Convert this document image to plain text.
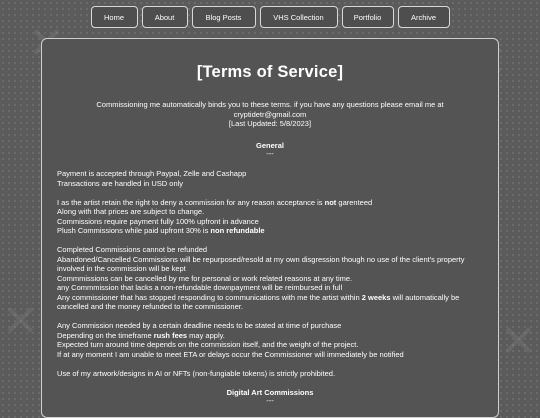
✕	✕
Home	About	Blog Posts	VHS Collection	Portfolio	Archive
[Terms of Service]
Commissioning me automatically binds you to these terms. if you have any questions please email me at
cryptidetr@gmail.com
[Last Updated: 5/8/2023]
General
---
Payment is accepted through Paypal, Zelle and Cashapp
Transactions are handled in USD only
I as the artist retain the right to deny a commission for any reason acceptance is not garenteed
Along with that prices are subject to change.
Commissions require payment fully 100% upfront in advance
Plush Commissions while paid upfront 30% is non refundable
Completed Commissions cannot be refunded
Abandoned/Cancelled Commissions will be repurposed/resold at my own disgression though no use of the client's property involved in the commission will be kept
Commmissions can be cancelled by me for personal or work related reasons at any time.
any Commmission that lacks a non-refundable downpayment will be reimbursed in full
Any commissioner that has stopped responding to communications with me the artist within 2 weeks will automatically be cancelled and the money refunded to the commissioner.
Any Commission needed by a certain deadline needs to be stated at time of purchase
Depending on the timeframe rush fees may apply.
Expected turn around time depends on the commission itself, and the weight of the project.
If at any moment I am unable to meet ETA or delays occur the Commissioner will immediately be notified
Use of my artwork/designs in AI or NFTs (non-fungiable tokens) is strictly prohibited.
Digital Art Commissions
---
